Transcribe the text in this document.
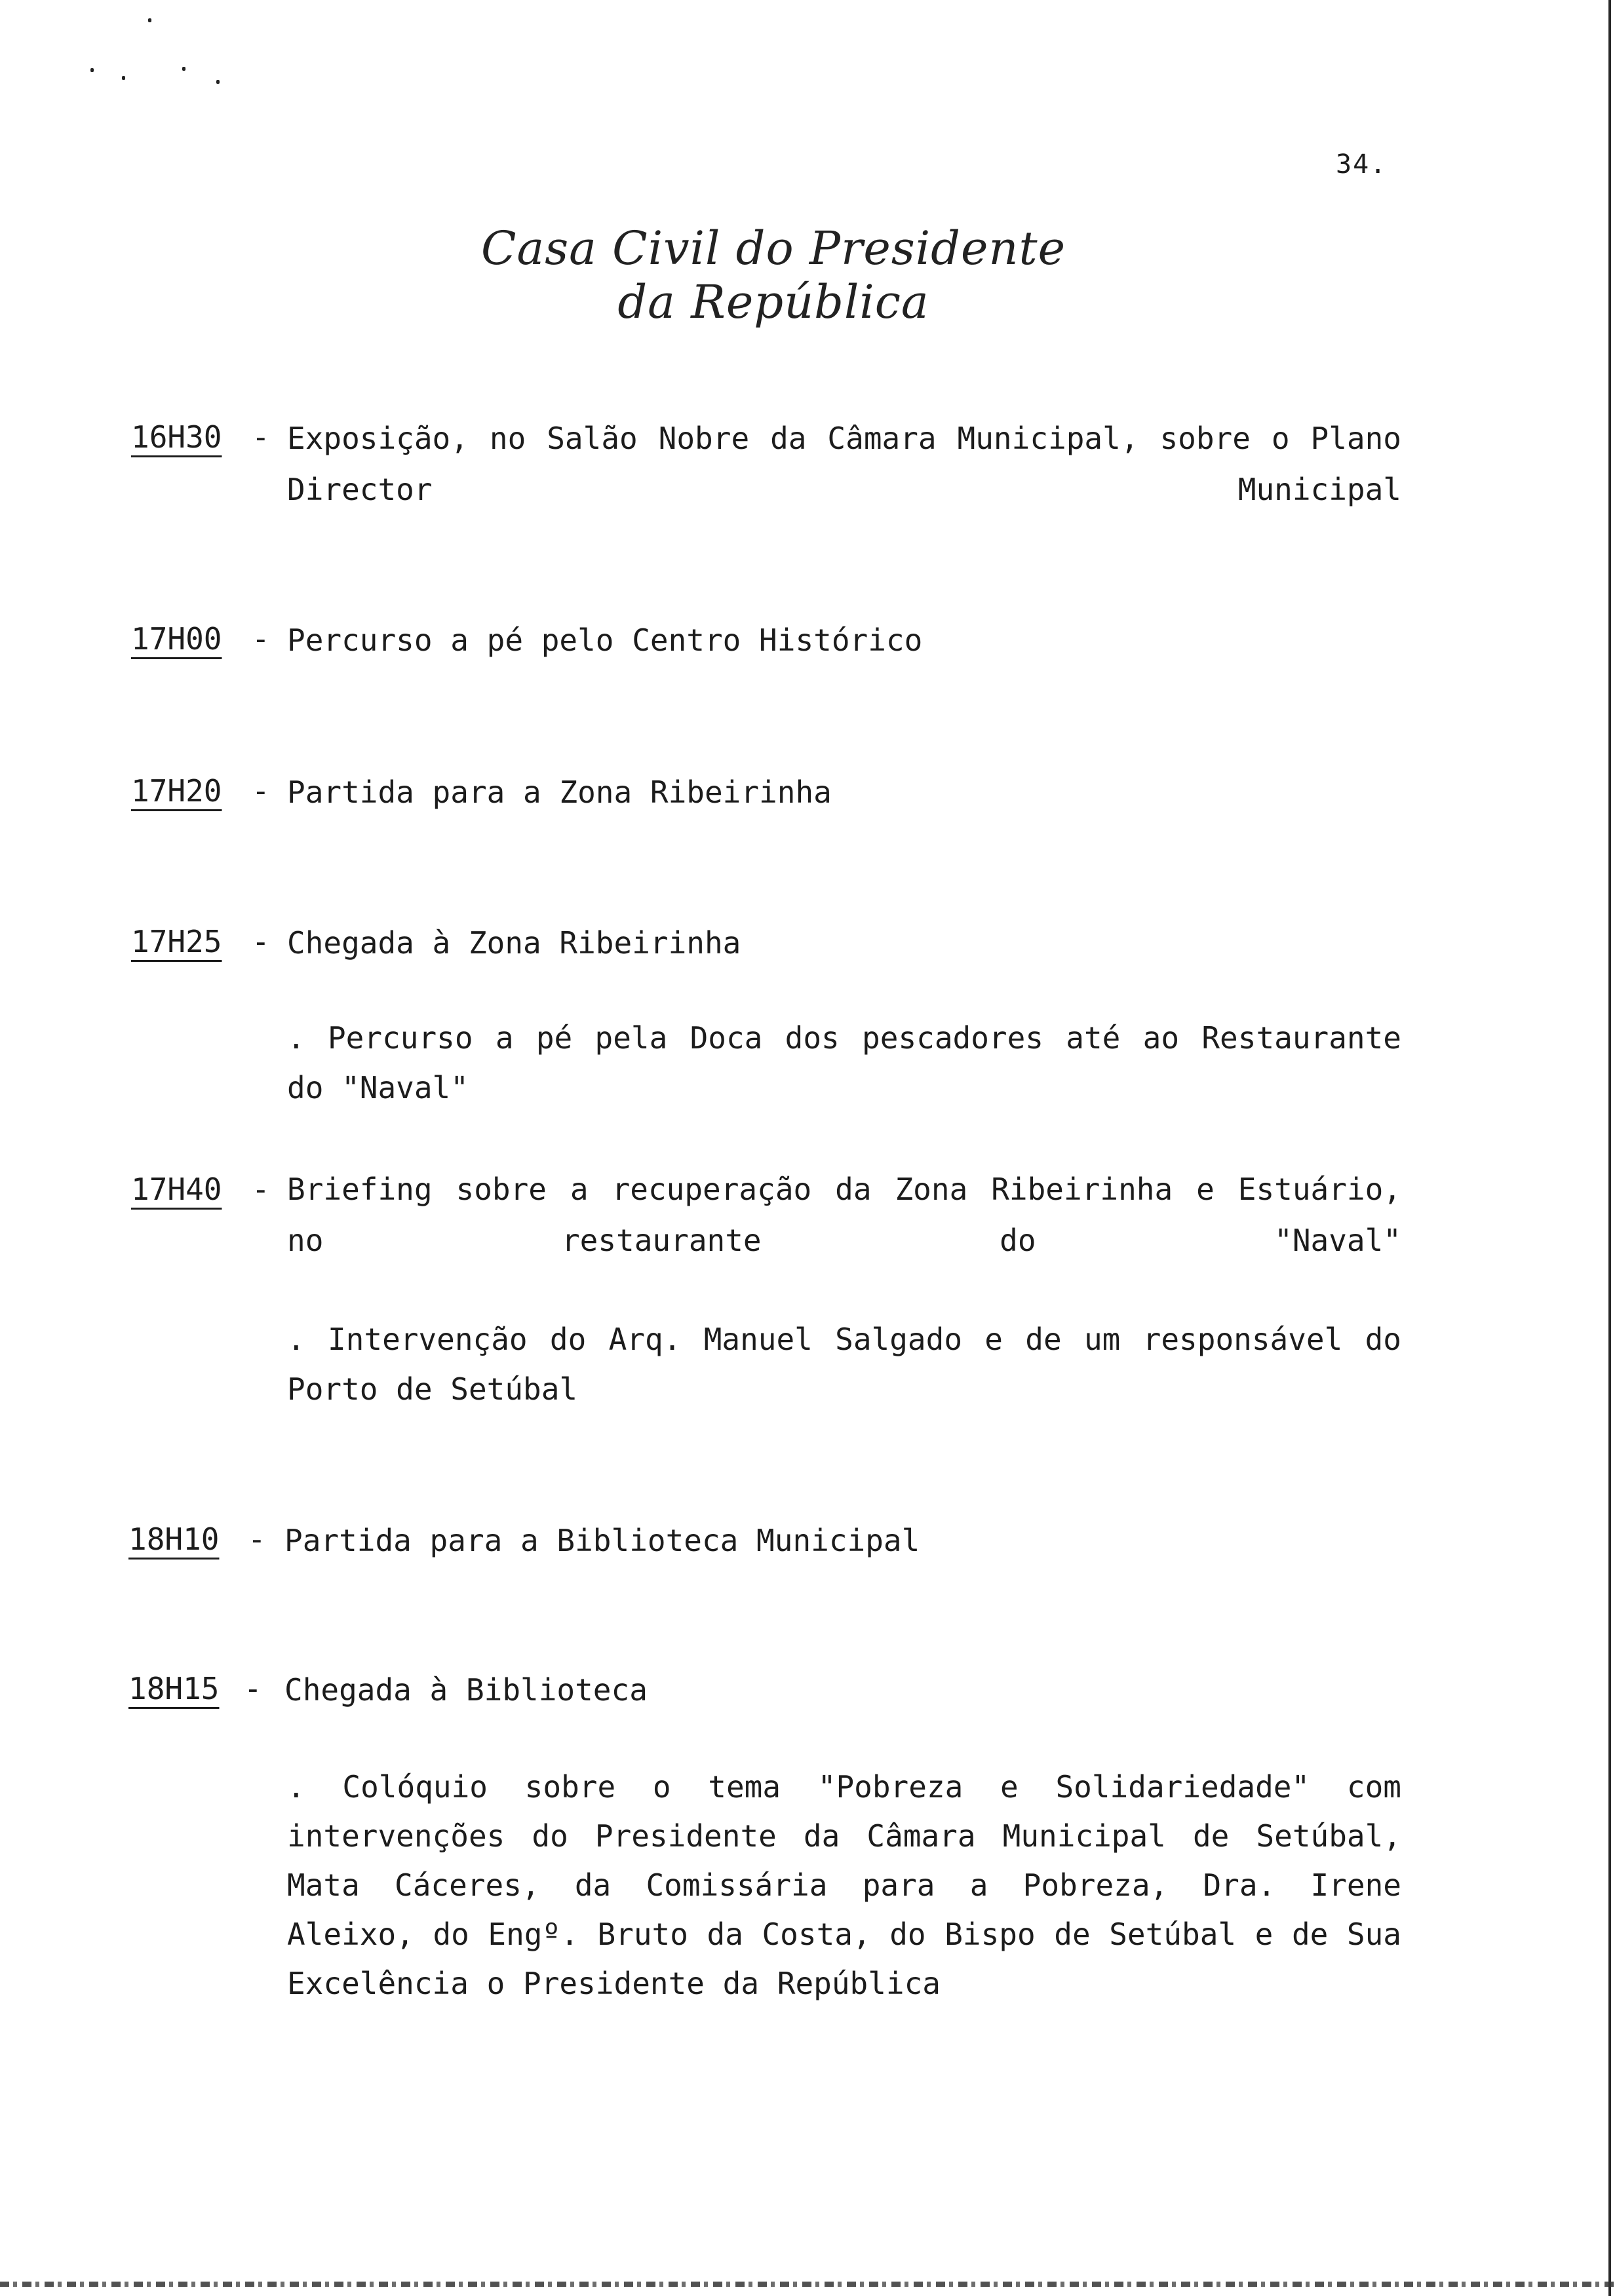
34.
Casa Civil do Presidente da República
16H30 - Exposição, no Salão Nobre da Câmara Municipal, sobre o Plano Director Municipal
17H00 - Percurso a pé pelo Centro Histórico
17H20 - Partida para a Zona Ribeirinha
17H25 - Chegada à Zona Ribeirinha
. Percurso a pé pela Doca dos pescadores até ao Restaurante do "Naval"
17H40 - Briefing sobre a recuperação da Zona Ribeirinha e Estuário, no restaurante do "Naval"
. Intervenção do Arq. Manuel Salgado e de um responsável do Porto de Setúbal
18H10 - Partida para a Biblioteca Municipal
18H15 - Chegada à Biblioteca
. Colóquio sobre o tema "Pobreza e Solidariedade" com intervenções do Presidente da Câmara Municipal de Setúbal, Mata Cáceres, da Comissária para a Pobreza, Dra. Irene Aleixo, do Engº. Bruto da Costa, do Bispo de Setúbal e de Sua Excelência o Presidente da República
